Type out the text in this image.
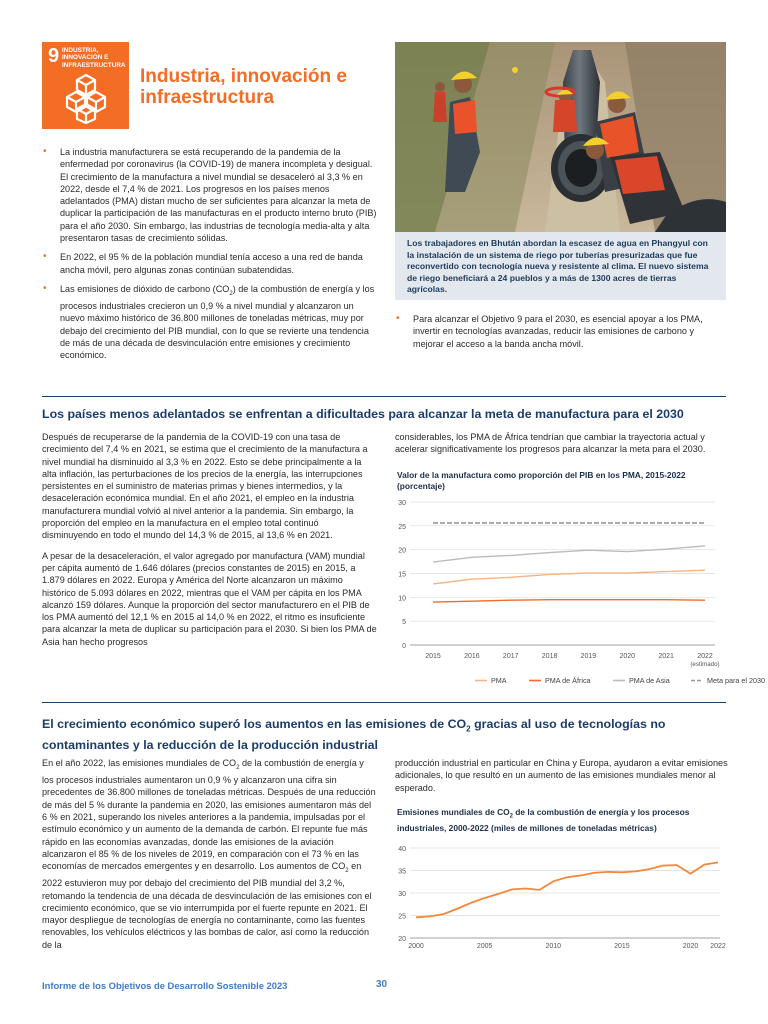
9 INDUSTRIA,
INNOVACIÓN E
INFRAESTRUCTURA
Industria, innovación e infraestructura
Los trabajadores en Bhután abordan la escasez de agua en Phangyul con la instalación de un sistema de riego por tuberías presurizadas que fue reconvertido con tecnología nueva y resistente al clima. El nuevo sistema de riego beneficiará a 24 pueblos y a más de 1300 acres de tierras agrícolas.
• La industria manufacturera se está recuperando de la pandemia de la enfermedad por coronavirus (la COVID-19) de manera incompleta y desigual. El crecimiento de la manufactura a nivel mundial se desaceleró al 3,3 % en 2022, desde el 7,4 % de 2021. Los progresos en los países menos adelantados (PMA) distan mucho de ser suficientes para alcanzar la meta de duplicar la participación de las manufacturas en el producto interno bruto (PIB) para el año 2030. Sin embargo, las industrias de tecnología media-alta y alta presentaron tasas de crecimiento sólidas.
• En 2022, el 95 % de la población mundial tenía acceso a una red de banda ancha móvil, pero algunas zonas continúan subatendidas.
• Las emisiones de dióxido de carbono $(CO_2)$ de la combustión de energía y los procesos industriales crecieron un 0,9 % a nivel mundial y alcanzaron un nuevo máximo histórico de 36.800 millones de toneladas métricas, muy por debajo del crecimiento del PIB mundial, con lo que se revierte una tendencia de más de una década de desvinculación entre emisiones y crecimiento económico.
• Para alcanzar el Objetivo 9 para el 2030, es esencial apoyar a los PMA, invertir en tecnologías avanzadas, reducir las emisiones de carbono y mejorar el acceso a la banda ancha móvil.
Los países menos adelantados se enfrentan a dificultades para alcanzar la meta de manufactura para el 2030

Después de recuperarse de la pandemia de la COVID-19 con una tasa de crecimiento del 7,4 % en 2021, se estima que el crecimiento de la manufactura a nivel mundial ha disminuido al 3,3 % en 2022. Esto se debe principalmente a la alta inflación, las perturbaciones de los precios de la energía, las interrupciones persistentes en el suministro de materias primas y bienes intermedios, y la desaceleración económica mundial. En el año 2021, el empleo en la industria manufacturera mundial volvió al nivel anterior a la pandemia. Sin embargo, la proporción del empleo en la manufactura en el empleo total continuó disminuyendo en todo el mundo del 14,3 % de 2015, al 13,6 % en 2021.

A pesar de la desaceleración, el valor agregado por manufactura (VAM) mundial per cápita aumentó de 1.646 dólares (precios constantes de 2015) en 2015, a 1.879 dólares en 2022. Europa y América del Norte alcanzaron un máximo histórico de 5.093 dólares en 2022, mientras que el VAM per cápita en los PMA alcanzó 159 dólares. Aunque la proporción del sector manufacturero en el PIB de los PMA aumentó del 12,1 % en 2015 al 14,0 % en 2022, el ritmo es insuficiente para alcanzar la meta de duplicar su participación para el 2030. Si bien los PMA de Asia han hecho progresos

considerables, los PMA de África tendrían que cambiar la trayectoria actual y acelerar significativamente los progresos para alcanzar la meta para el 2030.

Valor de la manufactura como proporción del PIB en los PMA, 2015-2022 (porcentaje)
0
5
10
15
20
25
30
2015	2016	2017	2018	2019	2020	2021	2022
(estimado)
PMA	PMA de África	PMA de Asia	Meta para el 2030
El crecimiento económico superó los aumentos en las emisiones de $CO_2$ gracias al uso de tecnologías no contaminantes y la reducción de la producción industrial

En el año 2022, las emisiones mundiales de $CO_2$ de la combustión de energía y los procesos industriales aumentaron un 0,9 % y alcanzaron una cifra sin precedentes de 36.800 millones de toneladas métricas. Después de una reducción de más del 5 % durante la pandemia en 2020, las emisiones aumentaron más del 6 % en 2021, superando los niveles anteriores a la pandemia, impulsadas por el estímulo económico y un aumento de la demanda de carbón. El repunte fue más rápido en las economías avanzadas, donde las emisiones de la aviación alcanzaron el 85 % de los niveles de 2019, en comparación con el 73 % en las economías de mercados emergentes y en desarrollo. Los aumentos de $CO_2$ en 2022 estuvieron muy por debajo del crecimiento del PIB mundial del 3,2 %, retomando la tendencia de una década de desvinculación de las emisiones con el crecimiento económico, que se vio interrumpida por el fuerte repunte en 2021. El mayor despliegue de tecnologías de energía no contaminante, como las fuentes renovables, los vehículos eléctricos y las bombas de calor, así como la reducción de la

producción industrial en particular en China y Europa, ayudaron a evitar emisiones adicionales, lo que resultó en un aumento de las emisiones mundiales menor al esperado.

Emisiones mundiales de $CO_2$ de la combustión de energía y los procesos industriales, 2000-2022 (miles de millones de toneladas métricas)
20
25
30
35
40
2000	2005	2010	2015	2020 2022
Informe de los Objetivos de Desarrollo Sostenible 2023	30
